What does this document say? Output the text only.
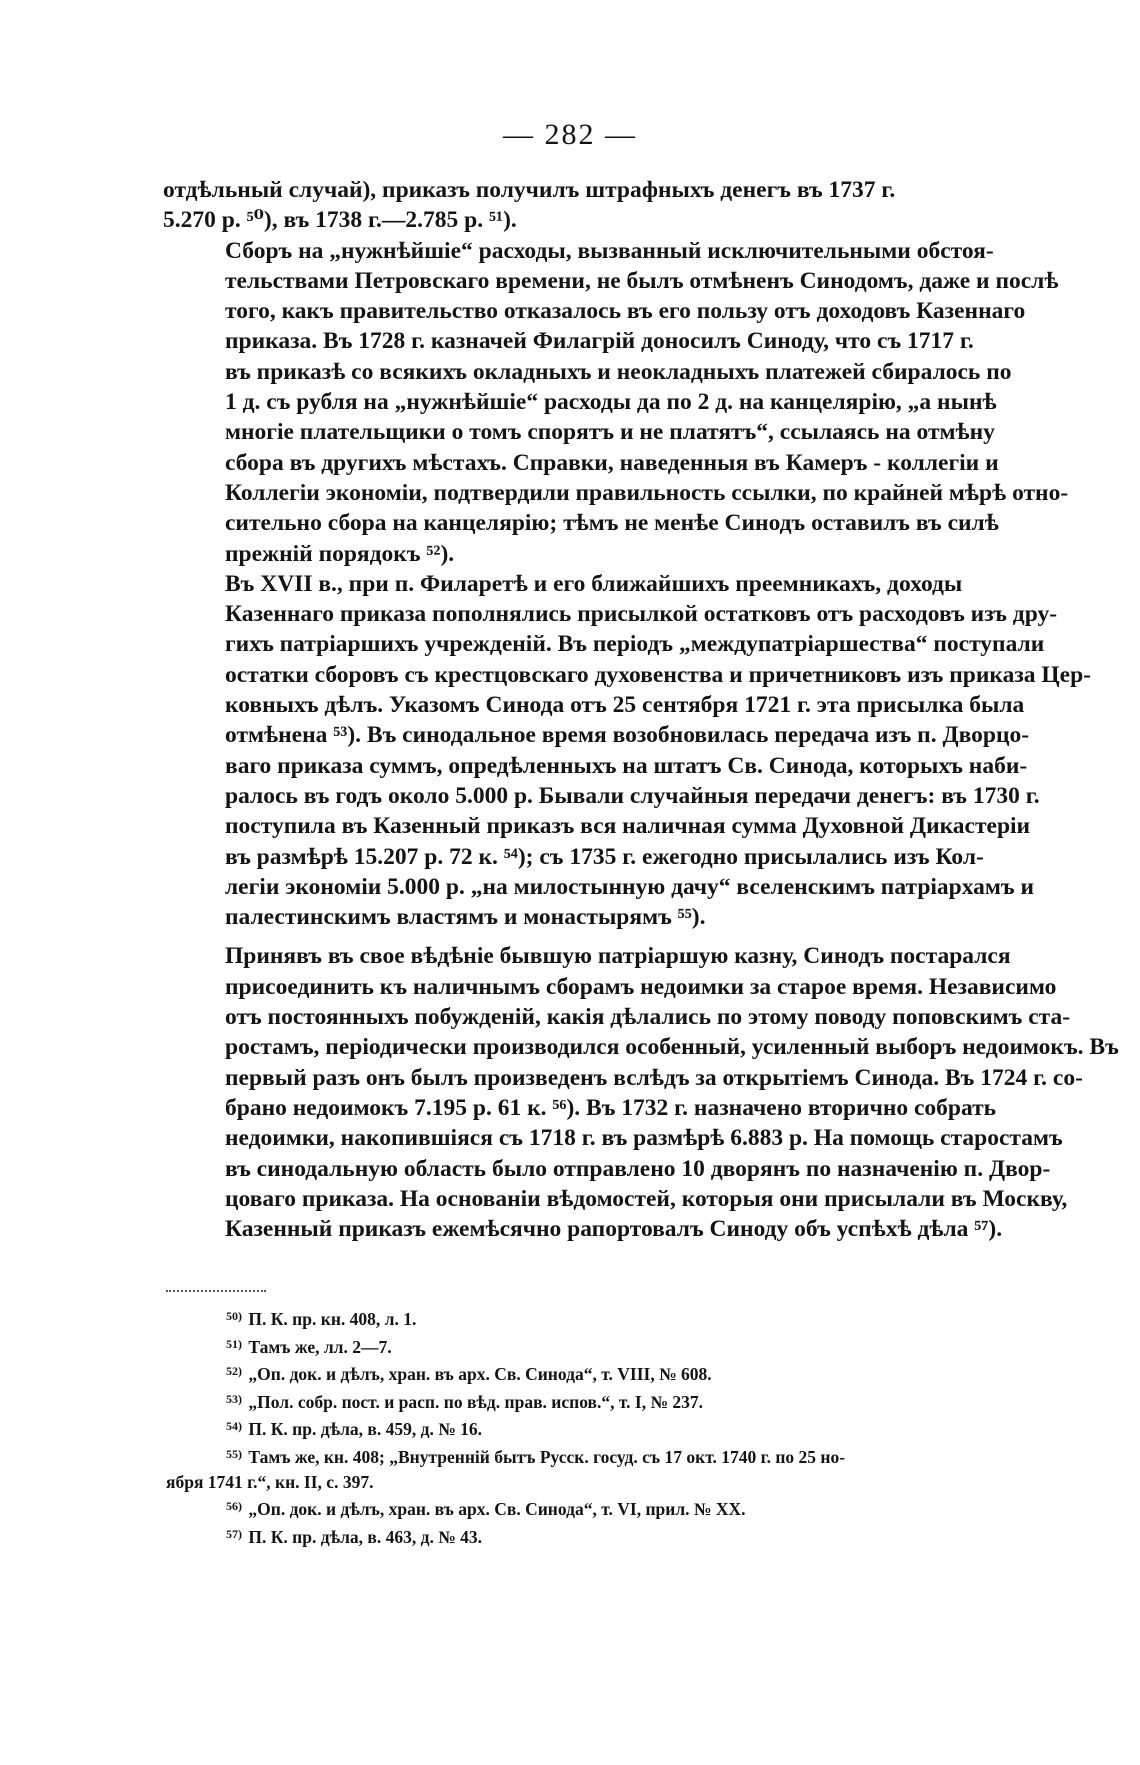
— 282 —

отдѣльный случай), приказъ получилъ штрафныхъ денегъ въ 1737 г.
5.270 р. ⁵⁰), въ 1738 г.—2.785 р. ⁵¹).

Сборъ на „нужнѣйшіе“ расходы, вызванный исключительными обстоя-
тельствами Петровскаго времени, не былъ отмѣненъ Синодомъ, даже и послѣ
того, какъ правительство отказалось въ его пользу отъ доходовъ Казеннаго
приказа. Въ 1728 г. казначей Филагрій доносилъ Синоду, что съ 1717 г.
въ приказѣ со всякихъ окладныхъ и неокладныхъ платежей сбиралось по
1 д. съ рубля на „нужнѣйшіе“ расходы да по 2 д. на канцелярію, „а нынѣ
многіе плательщики о томъ спорятъ и не платятъ“, ссылаясь на отмѣну
сбора въ другихъ мѣстахъ. Справки, наведенныя въ Камеръ - коллегіи и
Коллегіи экономіи, подтвердили правильность ссылки, по крайней мѣрѣ отно-
сительно сбора на канцелярію; тѣмъ не менѣе Синодъ оставилъ въ силѣ
прежній порядокъ ⁵²).

Въ XVII в., при п. Филаретѣ и его ближайшихъ преемникахъ, доходы
Казеннаго приказа пополнялись присылкой остатковъ отъ расходовъ изъ дру-
гихъ патріаршихъ учрежденій. Въ періодъ „междупатріаршества“ поступали
остатки сборовъ съ крестцовскаго духовенства и причетниковъ изъ приказа Цер-
ковныхъ дѣлъ. Указомъ Синода отъ 25 сентября 1721 г. эта присылка была
отмѣнена ⁵³). Въ синодальное время возобновилась передача изъ п. Дворцо-
ваго приказа суммъ, опредѣленныхъ на штатъ Св. Синода, которыхъ наби-
ралось въ годъ около 5.000 р. Бывали случайныя передачи денегъ: въ 1730 г.
поступила въ Казенный приказъ вся наличная сумма Духовной Дикастеріи
въ размѣрѣ 15.207 р. 72 к. ⁵⁴); съ 1735 г. ежегодно присылались изъ Кол-
легіи экономіи 5.000 р. „на милостынную дачу“ вселенскимъ патріархамъ и
палестинскимъ властямъ и монастырямъ ⁵⁵).

Принявъ въ свое вѣдѣніе бывшую патріаршую казну, Синодъ постарался
присоединить къ наличнымъ сборамъ недоимки за старое время. Независимо
отъ постоянныхъ побужденій, какія дѣлались по этому поводу поповскимъ ста-
ростамъ, періодически производился особенный, усиленный выборъ недоимокъ. Въ
первый разъ онъ былъ произведенъ вслѣдъ за открытіемъ Синода. Въ 1724 г. со-
брано недоимокъ 7.195 р. 61 к. ⁵⁶). Въ 1732 г. назначено вторично собрать
недоимки, накопившіяся съ 1718 г. въ размѣрѣ 6.883 р. На помощь старостамъ
въ синодальную область было отправлено 10 дворянъ по назначенію п. Двор-
цоваго приказа. На основаніи вѣдомостей, которыя они присылали въ Москву,
Казенный приказъ ежемѣсячно рапортовалъ Синоду объ успѣхѣ дѣла ⁵⁷).

$^{50)}$ П. К. пр. кн. 408, л. 1.
$^{51)}$ Тамъ же, лл. 2—7.
$^{52)}$ „Оп. док. и дѣлъ, хран. въ арх. Св. Синода“, т. VIII, № 608.
$^{53)}$ „Пол. собр. пост. и расп. по вѣд. прав. испов.“, т. I, № 237.
$^{54)}$ П. К. пр. дѣла, в. 459, д. № 16.
$^{55)}$ Тамъ же, кн. 408; „Внутренній бытъ Русск. госуд. съ 17 окт. 1740 г. по 25 но-
ября 1741 г.“, кн. II, с. 397.
$^{56)}$ „Оп. док. и дѣлъ, хран. въ арх. Св. Синода“, т. VI, прил. № XX.
$^{57)}$ П. К. пр. дѣла, в. 463, д. № 43.
